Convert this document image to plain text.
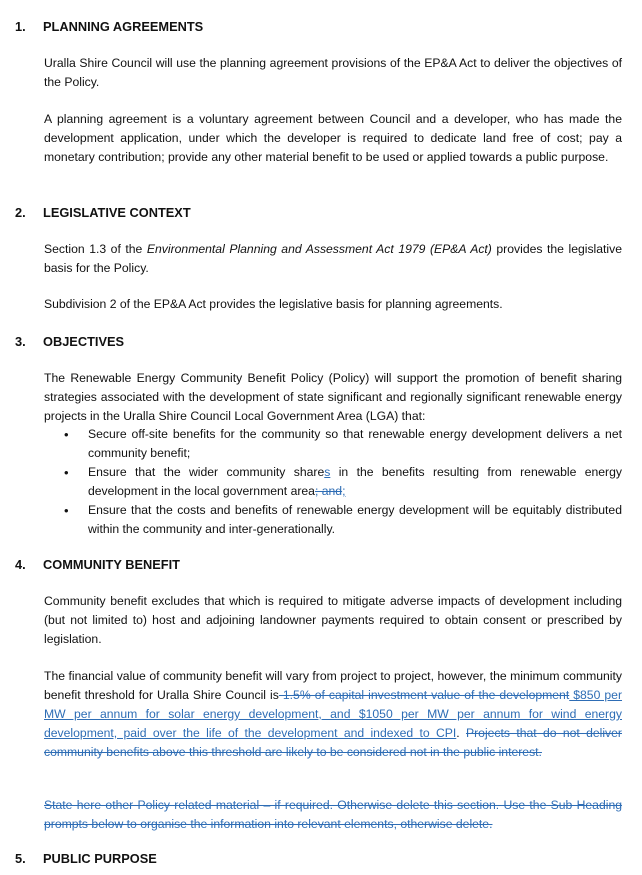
1. PLANNING AGREEMENTS
Uralla Shire Council will use the planning agreement provisions of the EP&A Act to deliver the objectives of the Policy.
A planning agreement is a voluntary agreement between Council and a developer, who has made the development application, under which the developer is required to dedicate land free of cost; pay a monetary contribution; provide any other material benefit to be used or applied towards a public purpose.
2. LEGISLATIVE CONTEXT
Section 1.3 of the Environmental Planning and Assessment Act 1979 (EP&A Act) provides the legislative basis for the Policy.
Subdivision 2 of the EP&A Act provides the legislative basis for planning agreements.
3. OBJECTIVES
The Renewable Energy Community Benefit Policy (Policy) will support the promotion of benefit sharing strategies associated with the development of state significant and regionally significant renewable energy projects in the Uralla Shire Council Local Government Area (LGA) that:
• Secure off-site benefits for the community so that renewable energy development delivers a net community benefit;
• Ensure that the wider community shares in the benefits resulting from renewable energy development in the local government area; and;
• Ensure that the costs and benefits of renewable energy development will be equitably distributed within the community and inter-generationally.
4. COMMUNITY BENEFIT
Community benefit excludes that which is required to mitigate adverse impacts of development including (but not limited to) host and adjoining landowner payments required to obtain consent or prescribed by legislation.
The financial value of community benefit will vary from project to project, however, the minimum community benefit threshold for Uralla Shire Council is 1.5% of capital investment value of the development $850 per MW per annum for solar energy development, and $1050 per MW per annum for wind energy development, paid over the life of the development and indexed to CPI. Projects that do not deliver community benefits above this threshold are likely to be considered not in the public interest.
State here other Policy related material – if required. Otherwise delete this section. Use the Sub Heading prompts below to organise the information into relevant elements, otherwise delete.
5. PUBLIC PURPOSE
